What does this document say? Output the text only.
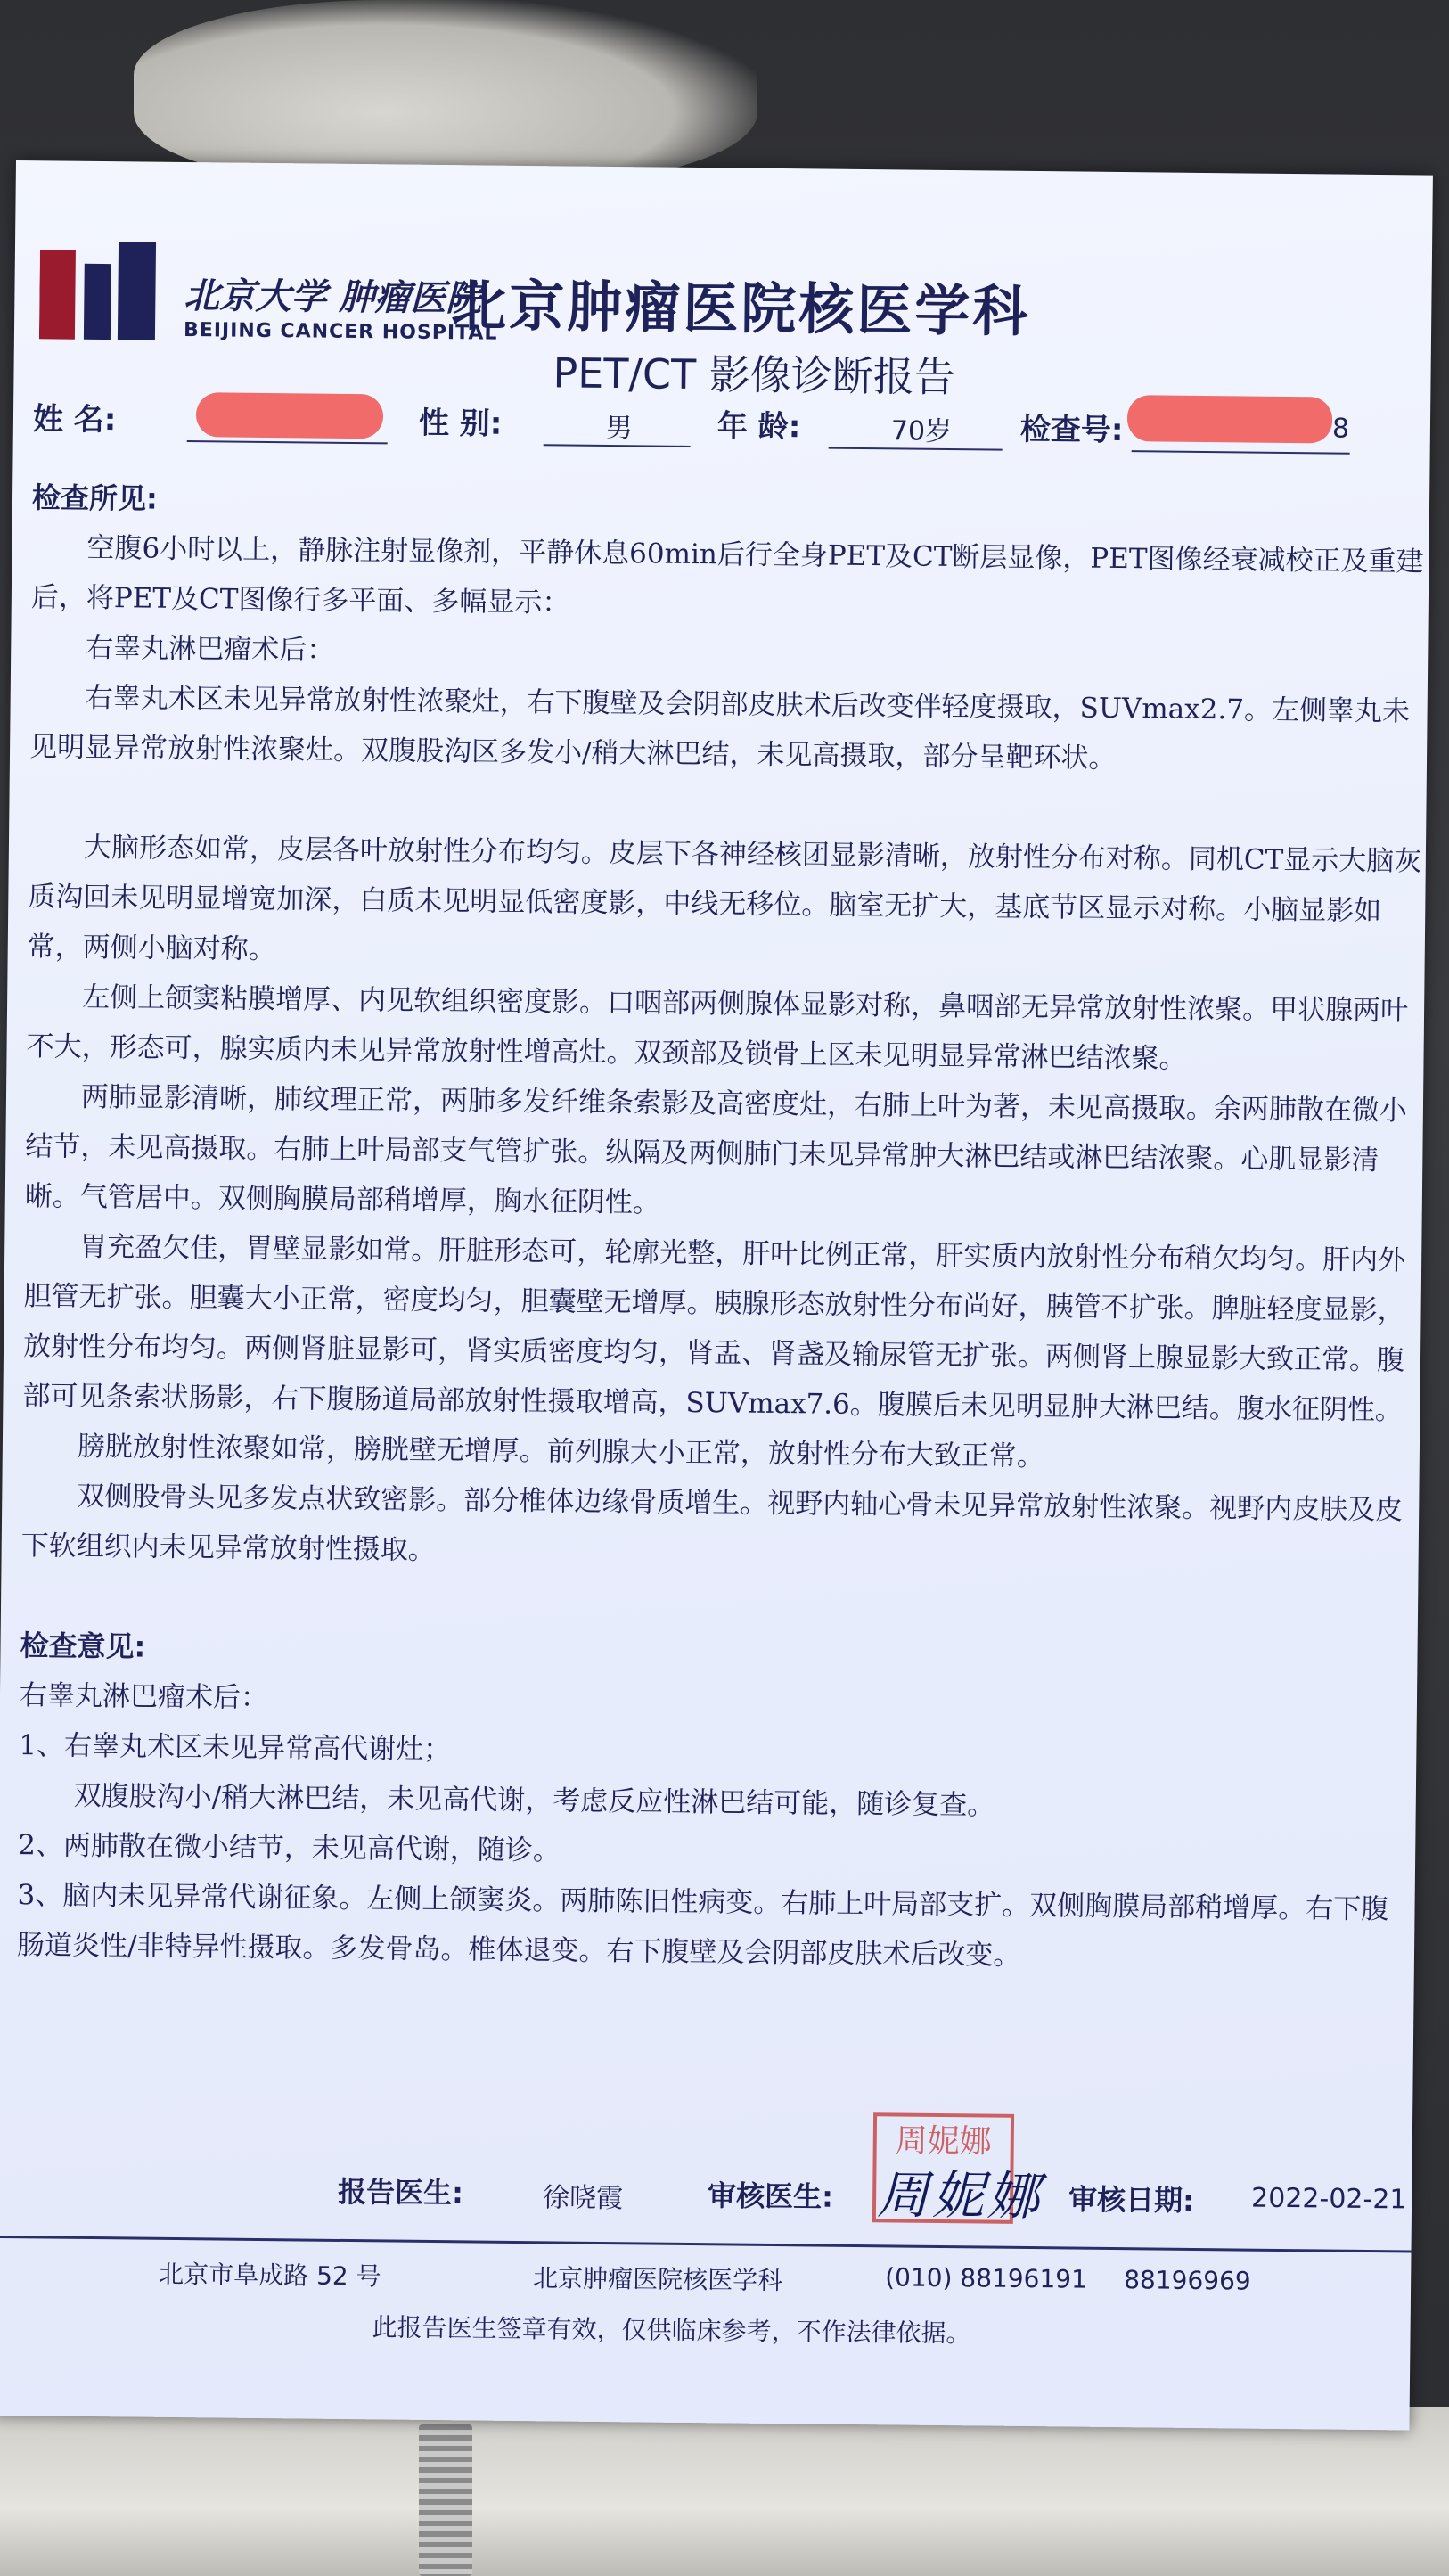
北京大学 肿瘤医院
BEIJING CANCER HOSPITAL
北京肿瘤医院核医学科
PET/CT 影像诊断报告
姓 名:	性 别:	男	年 龄:	70岁 检查号:	8
检查所见:

空腹6小时以上，静脉注射显像剂，平静休息60min后行全身PET及CT断层显像，PET图像经衰减校正及重建后，将PET及CT图像行多平面、多幅显示：

右睾丸淋巴瘤术后：

右睾丸术区未见异常放射性浓聚灶，右下腹壁及会阴部皮肤术后改变伴轻度摄取，SUVmax2.7。左侧睾丸未见明显异常放射性浓聚灶。双腹股沟区多发小/稍大淋巴结，未见高摄取，部分呈靶环状。

大脑形态如常，皮层各叶放射性分布均匀。皮层下各神经核团显影清晰，放射性分布对称。同机CT显示大脑灰质沟回未见明显增宽加深，白质未见明显低密度影，中线无移位。脑室无扩大，基底节区显示对称。小脑显影如常，两侧小脑对称。

左侧上颌窦粘膜增厚、内见软组织密度影。口咽部两侧腺体显影对称，鼻咽部无异常放射性浓聚。甲状腺两叶不大，形态可，腺实质内未见异常放射性增高灶。双颈部及锁骨上区未见明显异常淋巴结浓聚。

两肺显影清晰，肺纹理正常，两肺多发纤维条索影及高密度灶，右肺上叶为著，未见高摄取。余两肺散在微小结节，未见高摄取。右肺上叶局部支气管扩张。纵隔及两侧肺门未见异常肿大淋巴结或淋巴结浓聚。心肌显影清晰。气管居中。双侧胸膜局部稍增厚，胸水征阴性。

胃充盈欠佳，胃壁显影如常。肝脏形态可，轮廓光整，肝叶比例正常，肝实质内放射性分布稍欠均匀。肝内外胆管无扩张。胆囊大小正常，密度均匀，胆囊壁无增厚。胰腺形态放射性分布尚好，胰管不扩张。脾脏轻度显影，放射性分布均匀。两侧肾脏显影可，肾实质密度均匀，肾盂、肾盏及输尿管无扩张。两侧肾上腺显影大致正常。腹部可见条索状肠影，右下腹肠道局部放射性摄取增高，SUVmax7.6。腹膜后未见明显肿大淋巴结。腹水征阴性。

膀胱放射性浓聚如常，膀胱壁无增厚。前列腺大小正常，放射性分布大致正常。

双侧股骨头见多发点状致密影。部分椎体边缘骨质增生。视野内轴心骨未见异常放射性浓聚。视野内皮肤及皮下软组织内未见异常放射性摄取。

检查意见:

右睾丸淋巴瘤术后：

1、右睾丸术区未见异常高代谢灶；

双腹股沟小/稍大淋巴结，未见高代谢，考虑反应性淋巴结可能，随诊复查。

2、两肺散在微小结节，未见高代谢，随诊。

3、脑内未见异常代谢征象。左侧上颌窦炎。两肺陈旧性病变。右肺上叶局部支扩。双侧胸膜局部稍增厚。右下腹肠道炎性/非特异性摄取。多发骨岛。椎体退变。右下腹壁及会阴部皮肤术后改变。

周妮娜
报告医生:	徐晓霞	审核医生:	审核日期: 2022-02-21
周妮娜
北京市阜成路 52 号	北京肿瘤医院核医学科	(010) 88196191 88196969
此报告医生签章有效，仅供临床参考，不作法律依据。
